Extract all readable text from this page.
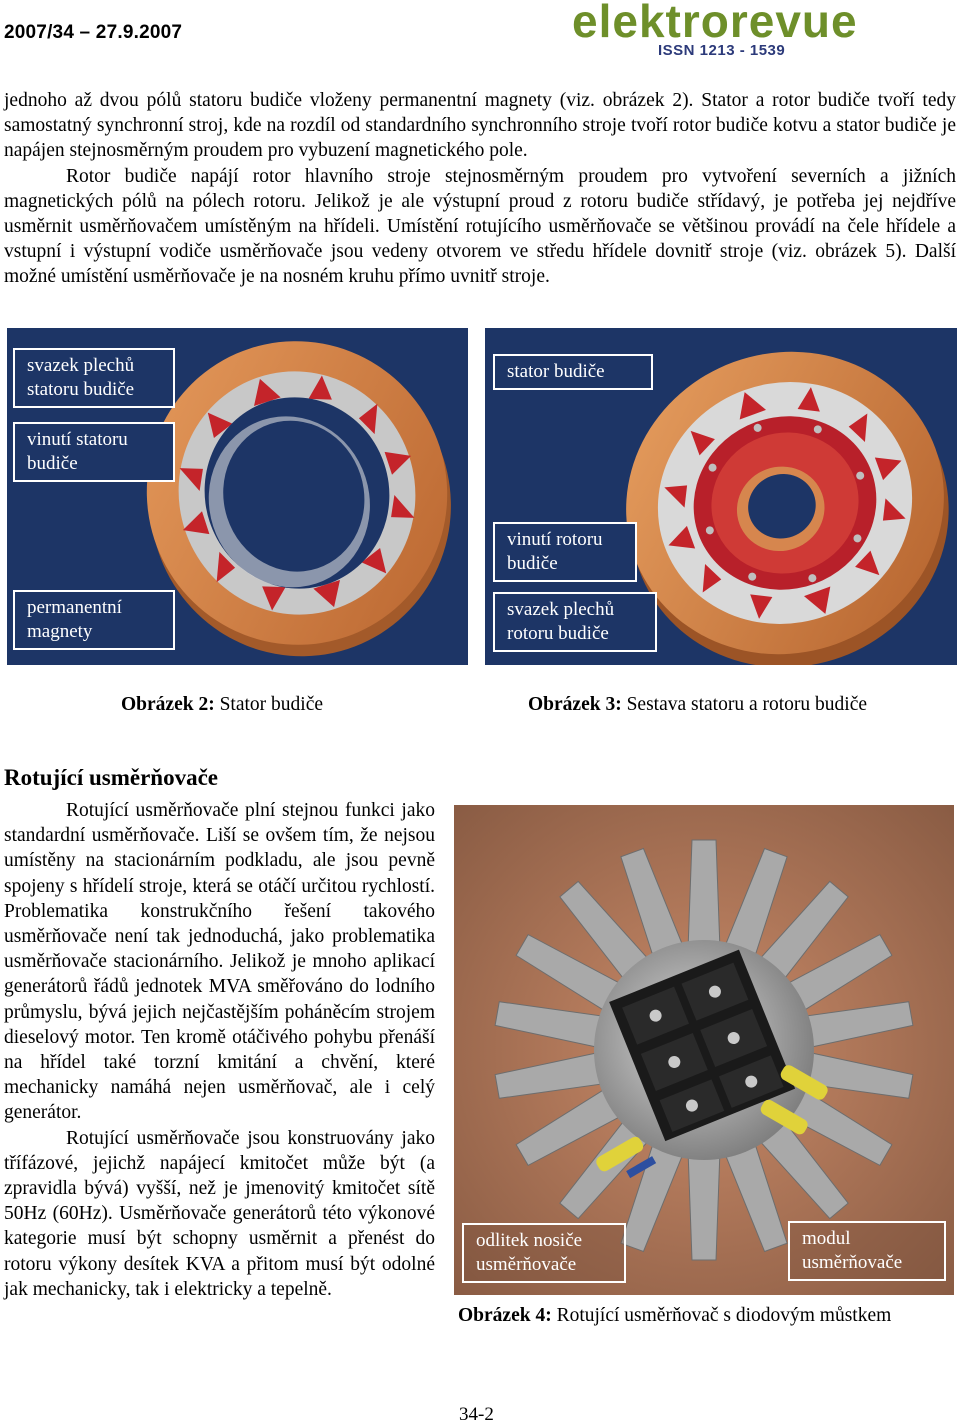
2007/34 – 27.9.2007	elektrorevue
ISSN 1213 - 1539

jednoho až dvou pólů statoru budiče vloženy permanentní magnety (viz. obrázek 2). Stator a rotor budiče tvoří tedy samostatný synchronní stroj, kde na rozdíl od standardního synchronního stroje tvoří rotor budiče kotvu a stator budiče je napájen stejnosměrným proudem pro vybuzení magnetického pole.

Rotor budiče napájí rotor hlavního stroje stejnosměrným proudem pro vytvoření severních a jižních magnetických pólů na pólech rotoru. Jelikož je ale výstupní proud z rotoru budiče střídavý, je potřeba jej nejdříve usměrnit usměrňovačem umístěným na hřídeli. Umístění rotujícího usměrňovače se většinou provádí na čele hřídele a vstupní i výstupní vodiče usměrňovače jsou vedeny otvorem ve středu hřídele dovnitř stroje (viz. obrázek 5). Další možné umístění usměrňovače je na nosném kruhu přímo uvnitř stroje.

svazek plechů statoru budiče
vinutí statoru budiče
permanentní magnety
stator budiče
vinutí rotoru budiče
svazek plechů rotoru budiče
Obrázek 2: Stator budiče	Obrázek 3: Sestava statoru a rotoru budiče
Rotující usměrňovače

Rotující usměrňovače plní stejnou funkci jako standardní usměrňovače. Liší se ovšem tím, že nejsou umístěny na stacionárním podkladu, ale jsou pevně spojeny s hřídelí stroje, která se otáčí určitou rychlostí. Problematika konstrukčního řešení takového usměrňovače není tak jednoduchá, jako problematika usměrňovače stacionárního. Jelikož je mnoho aplikací generátorů řádů jednotek MVA směřováno do lodního průmyslu, bývá jejich nejčastějším poháněcím strojem dieselový motor. Ten kromě otáčivého pohybu přenáší na hřídel také torzní kmitání a chvění, které mechanicky namáhá nejen usměrňovač, ale i celý generátor.

Rotující usměrňovače jsou konstruovány jako třífázové, jejichž napájecí kmitočet může být (a zpravidla bývá) vyšší, než je jmenovitý kmitočet sítě 50Hz (60Hz). Usměrňovače generátorů této výkonové kategorie musí být schopny usměrnit a přenést do rotoru výkony desítek KVA a přitom musí být odolné jak mechanicky, tak i elektricky a tepelně.

odlitek nosiče usměrňovače
modul usměrňovače
Obrázek 4: Rotující usměrňovač s diodovým můstkem
34-2
